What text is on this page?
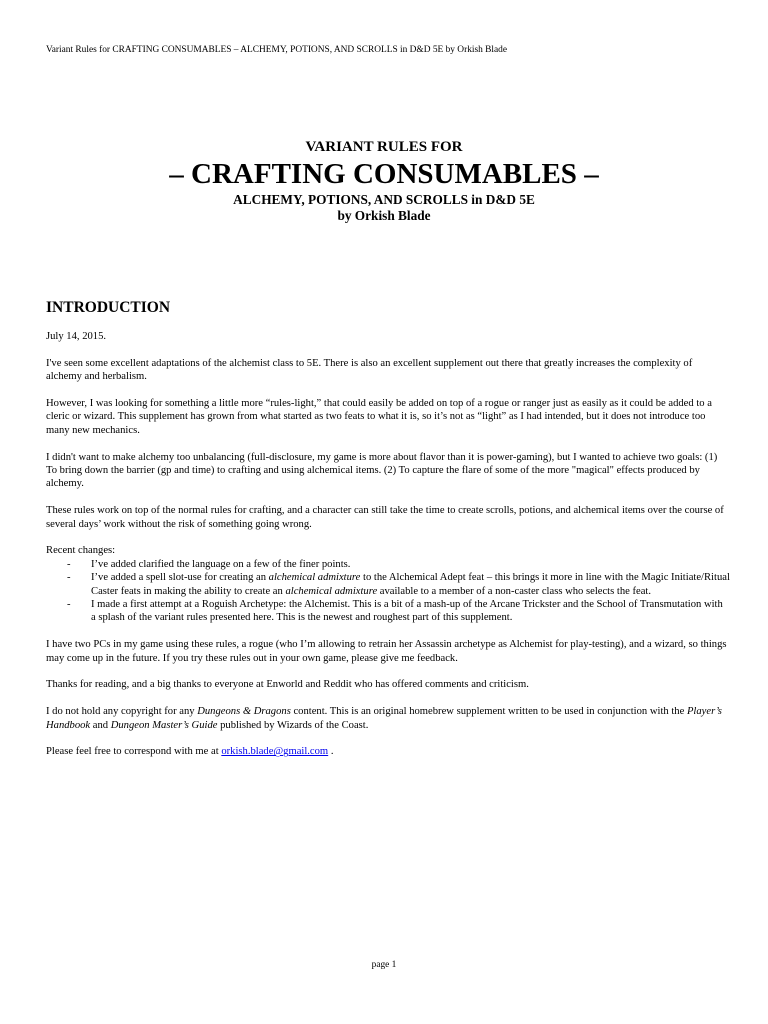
Variant Rules for CRAFTING CONSUMABLES – ALCHEMY, POTIONS, AND SCROLLS in D&D 5E by Orkish Blade
VARIANT RULES FOR
– CRAFTING CONSUMABLES –
ALCHEMY, POTIONS, AND SCROLLS in D&D 5E
by Orkish Blade
INTRODUCTION

July 14, 2015.

I've seen some excellent adaptations of the alchemist class to 5E. There is also an excellent supplement out there that greatly increases the complexity of alchemy and herbalism.

However, I was looking for something a little more “rules-light,” that could easily be added on top of a rogue or ranger just as easily as it could be added to a cleric or wizard. This supplement has grown from what started as two feats to what it is, so it’s not as “light” as I had intended, but it does not introduce too many new mechanics.

I didn't want to make alchemy too unbalancing (full-disclosure, my game is more about flavor than it is power-gaming), but I wanted to achieve two goals: (1) To bring down the barrier (gp and time) to crafting and using alchemical items. (2) To capture the flare of some of the more "magical" effects produced by alchemy.

These rules work on top of the normal rules for crafting, and a character can still take the time to create scrolls, potions, and alchemical items over the course of several days’ work without the risk of something going wrong.

Recent changes:
- I’ve added clarified the language on a few of the finer points.
- I’ve added a spell slot-use for creating an alchemical admixture to the Alchemical Adept feat – this brings it more in line with the Magic Initiate/Ritual Caster feats in making the ability to create an alchemical admixture available to a member of a non-caster class who selects the feat.
- I made a first attempt at a Roguish Archetype: the Alchemist. This is a bit of a mash-up of the Arcane Trickster and the School of Transmutation with a splash of the variant rules presented here. This is the newest and roughest part of this supplement.

I have two PCs in my game using these rules, a rogue (who I’m allowing to retrain her Assassin archetype as Alchemist for play-testing), and a wizard, so things may come up in the future. If you try these rules out in your own game, please give me feedback.

Thanks for reading, and a big thanks to everyone at Enworld and Reddit who has offered comments and criticism.

I do not hold any copyright for any Dungeons & Dragons content. This is an original homebrew supplement written to be used in conjunction with the Player’s Handbook and Dungeon Master’s Guide published by Wizards of the Coast.

Please feel free to correspond with me at orkish.blade@gmail.com .

page 1
